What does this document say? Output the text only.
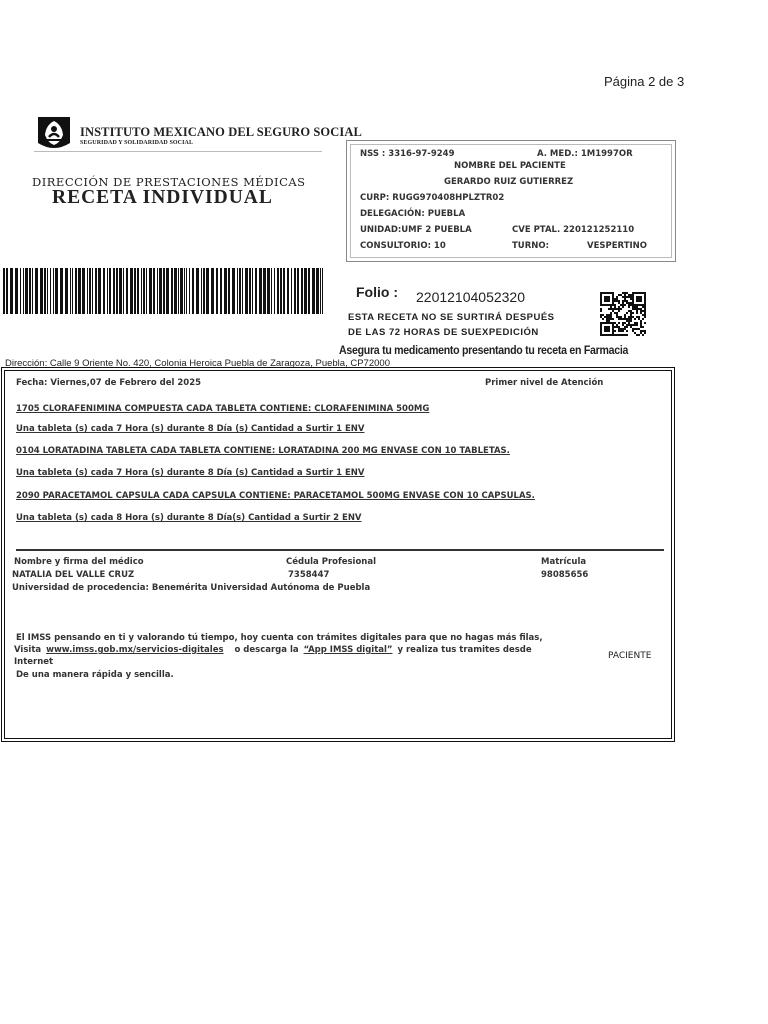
Página 2 de 3
INSTITUTO MEXICANO DEL SEGURO SOCIAL
SEGURIDAD Y SOLIDARIDAD SOCIAL
DIRECCIÓN DE PRESTACIONES MÉDICAS
RECETA INDIVIDUAL
NSS : 3316-97-9249	A. MED.: 1M1997OR
NOMBRE DEL PACIENTE
GERARDO RUIZ GUTIERREZ
CURP: RUGG970408HPLZTR02
DELEGACIÓN: PUEBLA
UNIDAD:UMF 2 PUEBLA	CVE PTAL. 220121252110
CONSULTORIO: 10	TURNO:	VESPERTINO
Folio : 22012104052320
ESTA RECETA NO SE SURTIRÁ DESPUÉS
DE LAS 72 HORAS DE SUEXPEDICIÓN
Asegura tu medicamento presentando tu receta en Farmacia
Dirección: Calle 9 Oriente No. 420, Colonia Heroica Puebla de Zaragoza, Puebla, CP72000
Fecha: Viernes,07 de Febrero del 2025	Primer nivel de Atención
1705 CLORAFENIMINA COMPUESTA CADA TABLETA CONTIENE: CLORAFENIMINA 500MG
Una tableta (s) cada 7 Hora (s) durante 8 Día (s) Cantidad a Surtir 1 ENV
0104 LORATADINA TABLETA CADA TABLETA CONTIENE: LORATADINA 200 MG ENVASE CON 10 TABLETAS.
Una tableta (s) cada 7 Hora (s) durante 8 Día (s) Cantidad a Surtir 1 ENV
2090 PARACETAMOL CAPSULA CADA CAPSULA CONTIENE: PARACETAMOL 500MG ENVASE CON 10 CAPSULAS.
Una tableta (s) cada 8 Hora (s) durante 8 Día(s) Cantidad a Surtir 2 ENV
Nombre y firma del médico	Cédula Profesional	Matrícula
NATALIA DEL VALLE CRUZ	7358447	98085656
Universidad de procedencia: Benemérita Universidad Autónoma de Puebla
El IMSS pensando en ti y valorando tú tiempo, hoy cuenta con trámites digitales para que no hagas más filas,
Visita www.imss.gob.mx/servicios-digitales o descarga la “App IMSS digital” y realiza tus tramites desde
Internet
De una manera rápida y sencilla.
PACIENTE
